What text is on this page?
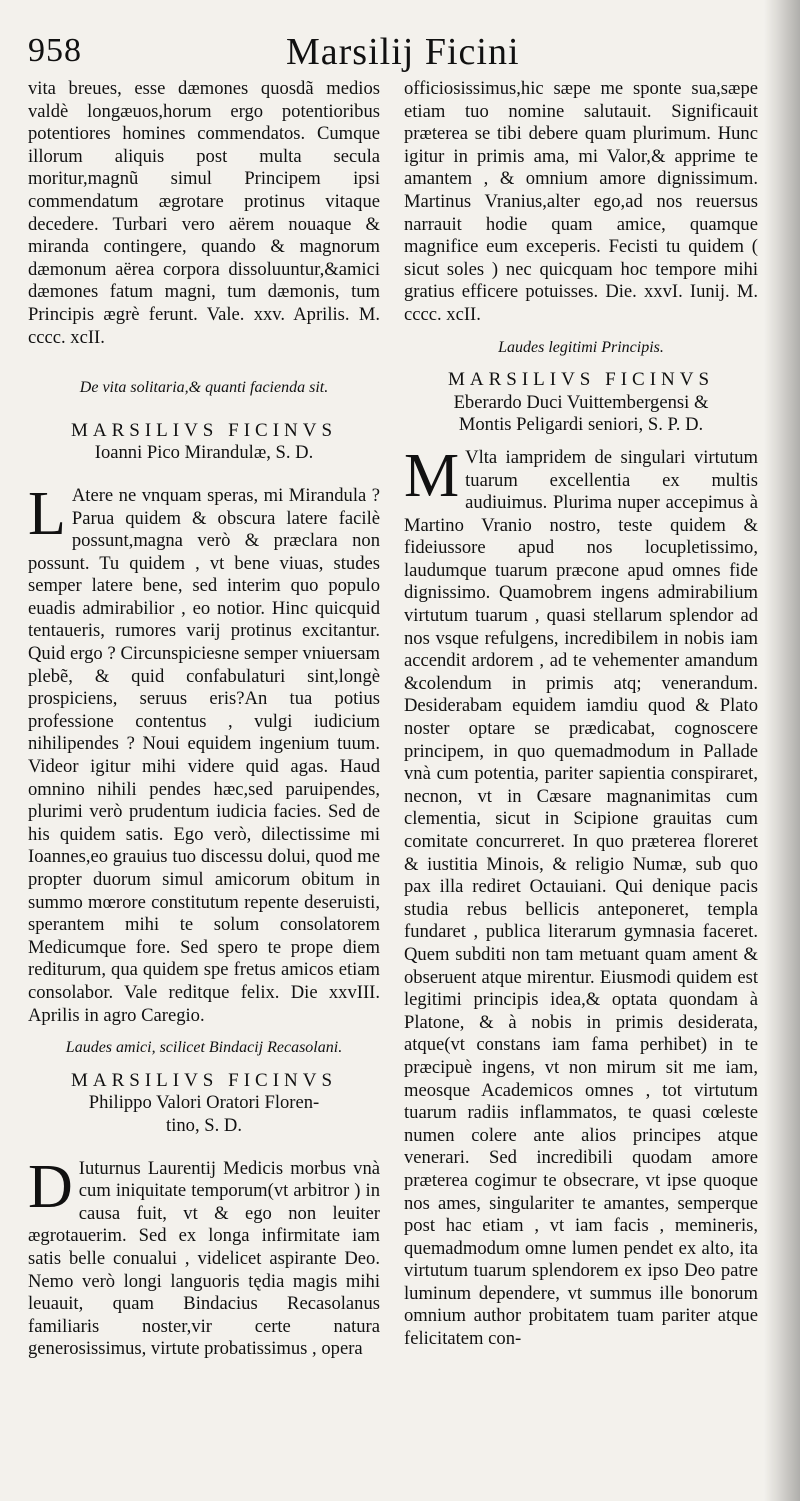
958	Marsilij Ficini

vita breues, esse dæmones quosdã medios valdè longæuos,horum ergo potentioribus potentiores homines commendatos. Cumque illorum aliquis post multa secula moritur,magnũ simul Principem ipsi commendatum ægrotare protinus vitaque decedere. Turbari vero aërem nouaque & miranda contingere, quando & magnorum dæmonum aërea corpora dissoluuntur,&amici dæmones fatum magni, tum dæmonis, tum Principis ægrè ferunt. Vale. xxv. Aprilis. M. cccc. xcII.

De vita solitaria,& quanti facienda sit.

MARSILIVS FICINVS

Ioanni Pico Mirandulæ, S. D.

L Atere ne vnquam speras, mi Mirandula ? Parua quidem & obscura latere facilè possunt,magna verò & præclara non possunt. Tu quidem , vt bene viuas, studes semper latere bene, sed interim quo populo euadis admirabilior , eo notior. Hinc quicquid tentaueris, rumores varij protinus excitantur. Quid ergo ? Circunspiciesne semper vniuersam plebẽ, & quid confabulaturi sint,longè prospiciens, seruus eris?An tua potius professione contentus , vulgi iudicium nihilipendes ? Noui equidem ingenium tuum. Videor igitur mihi videre quid agas. Haud omnino nihili pendes hæc,sed paruipendes, plurimi verò prudentum iudicia facies. Sed de his quidem satis. Ego verò, dilectissime mi Ioannes,eo grauius tuo discessu dolui, quod me propter duorum simul amicorum obitum in summo mœrore constitutum repente deseruisti, sperantem mihi te solum consolatorem Medicumque fore. Sed spero te prope diem rediturum, qua quidem spe fretus amicos etiam consolabor. Vale reditque felix. Die xxvIII. Aprilis in agro Caregio.

Laudes amici, scilicet Bindacij Recasolani.

MARSILIVS FICINVS

Philippo Valori Oratori Floren-

tino, S. D.

D Iuturnus Laurentij Medicis morbus vnà cum iniquitate temporum(vt arbitror ) in causa fuit, vt & ego non leuiter ægrotauerim. Sed ex longa infirmitate iam satis belle conualui , videlicet aspirante Deo. Nemo verò longi languoris tędia magis mihi leuauit, quam Bindacius Recasolanus familiaris noster,vir certe natura generosissimus, virtute probatissimus , opera

officiosissimus,hic sæpe me sponte sua,sæpe etiam tuo nomine salutauit. Significauit præterea se tibi debere quam plurimum. Hunc igitur in primis ama, mi Valor,& apprime te amantem , & omnium amore dignissimum. Martinus Vranius,alter ego,ad nos reuersus narrauit hodie quam amice, quamque magnifice eum exceperis. Fecisti tu quidem ( sicut soles ) nec quicquam hoc tempore mihi gratius efficere potuisses. Die. xxvI. Iunij. M. cccc. xcII.

Laudes legitimi Principis.

MARSILIVS FICINVS

Eberardo Duci Vuittembergensi &

Montis Peligardi seniori, S. P. D.

M Vlta iampridem de singulari virtutum tuarum excellentia ex multis audiuimus. Plurima nuper accepimus à Martino Vranio nostro, teste quidem & fideiussore apud nos locupletissimo, laudumque tuarum præcone apud omnes fide dignissimo. Quamobrem ingens admirabilium virtutum tuarum , quasi stellarum splendor ad nos vsque refulgens, incredibilem in nobis iam accendit ardorem , ad te vehementer amandum &colendum in primis atq; venerandum. Desiderabam equidem iamdiu quod & Plato noster optare se prædicabat, cognoscere principem, in quo quemadmodum in Pallade vnà cum potentia, pariter sapientia conspiraret, necnon, vt in Cæsare magnanimitas cum clementia, sicut in Scipione grauitas cum comitate concurreret. In quo præterea floreret & iustitia Minois, & religio Numæ, sub quo pax illa rediret Octauiani. Qui denique pacis studia rebus bellicis anteponeret, templa fundaret , publica literarum gymnasia faceret. Quem subditi non tam metuant quam ament & obseruent atque mirentur. Eiusmodi quidem est legitimi principis idea,& optata quondam à Platone, & à nobis in primis desiderata, atque(vt constans iam fama perhibet) in te præcipuè ingens, vt non mirum sit me iam, meosque Academicos omnes , tot virtutum tuarum radiis inflammatos, te quasi cœleste numen colere ante alios principes atque venerari. Sed incredibili quodam amore præterea cogimur te obsecrare, vt ipse quoque nos ames, singulariter te amantes, semperque post hac etiam , vt iam facis , memineris, quemadmodum omne lumen pendet ex alto, ita virtutum tuarum splendorem ex ipso Deo patre luminum dependere, vt summus ille bonorum omnium author probitatem tuam pariter atque felicitatem con-
